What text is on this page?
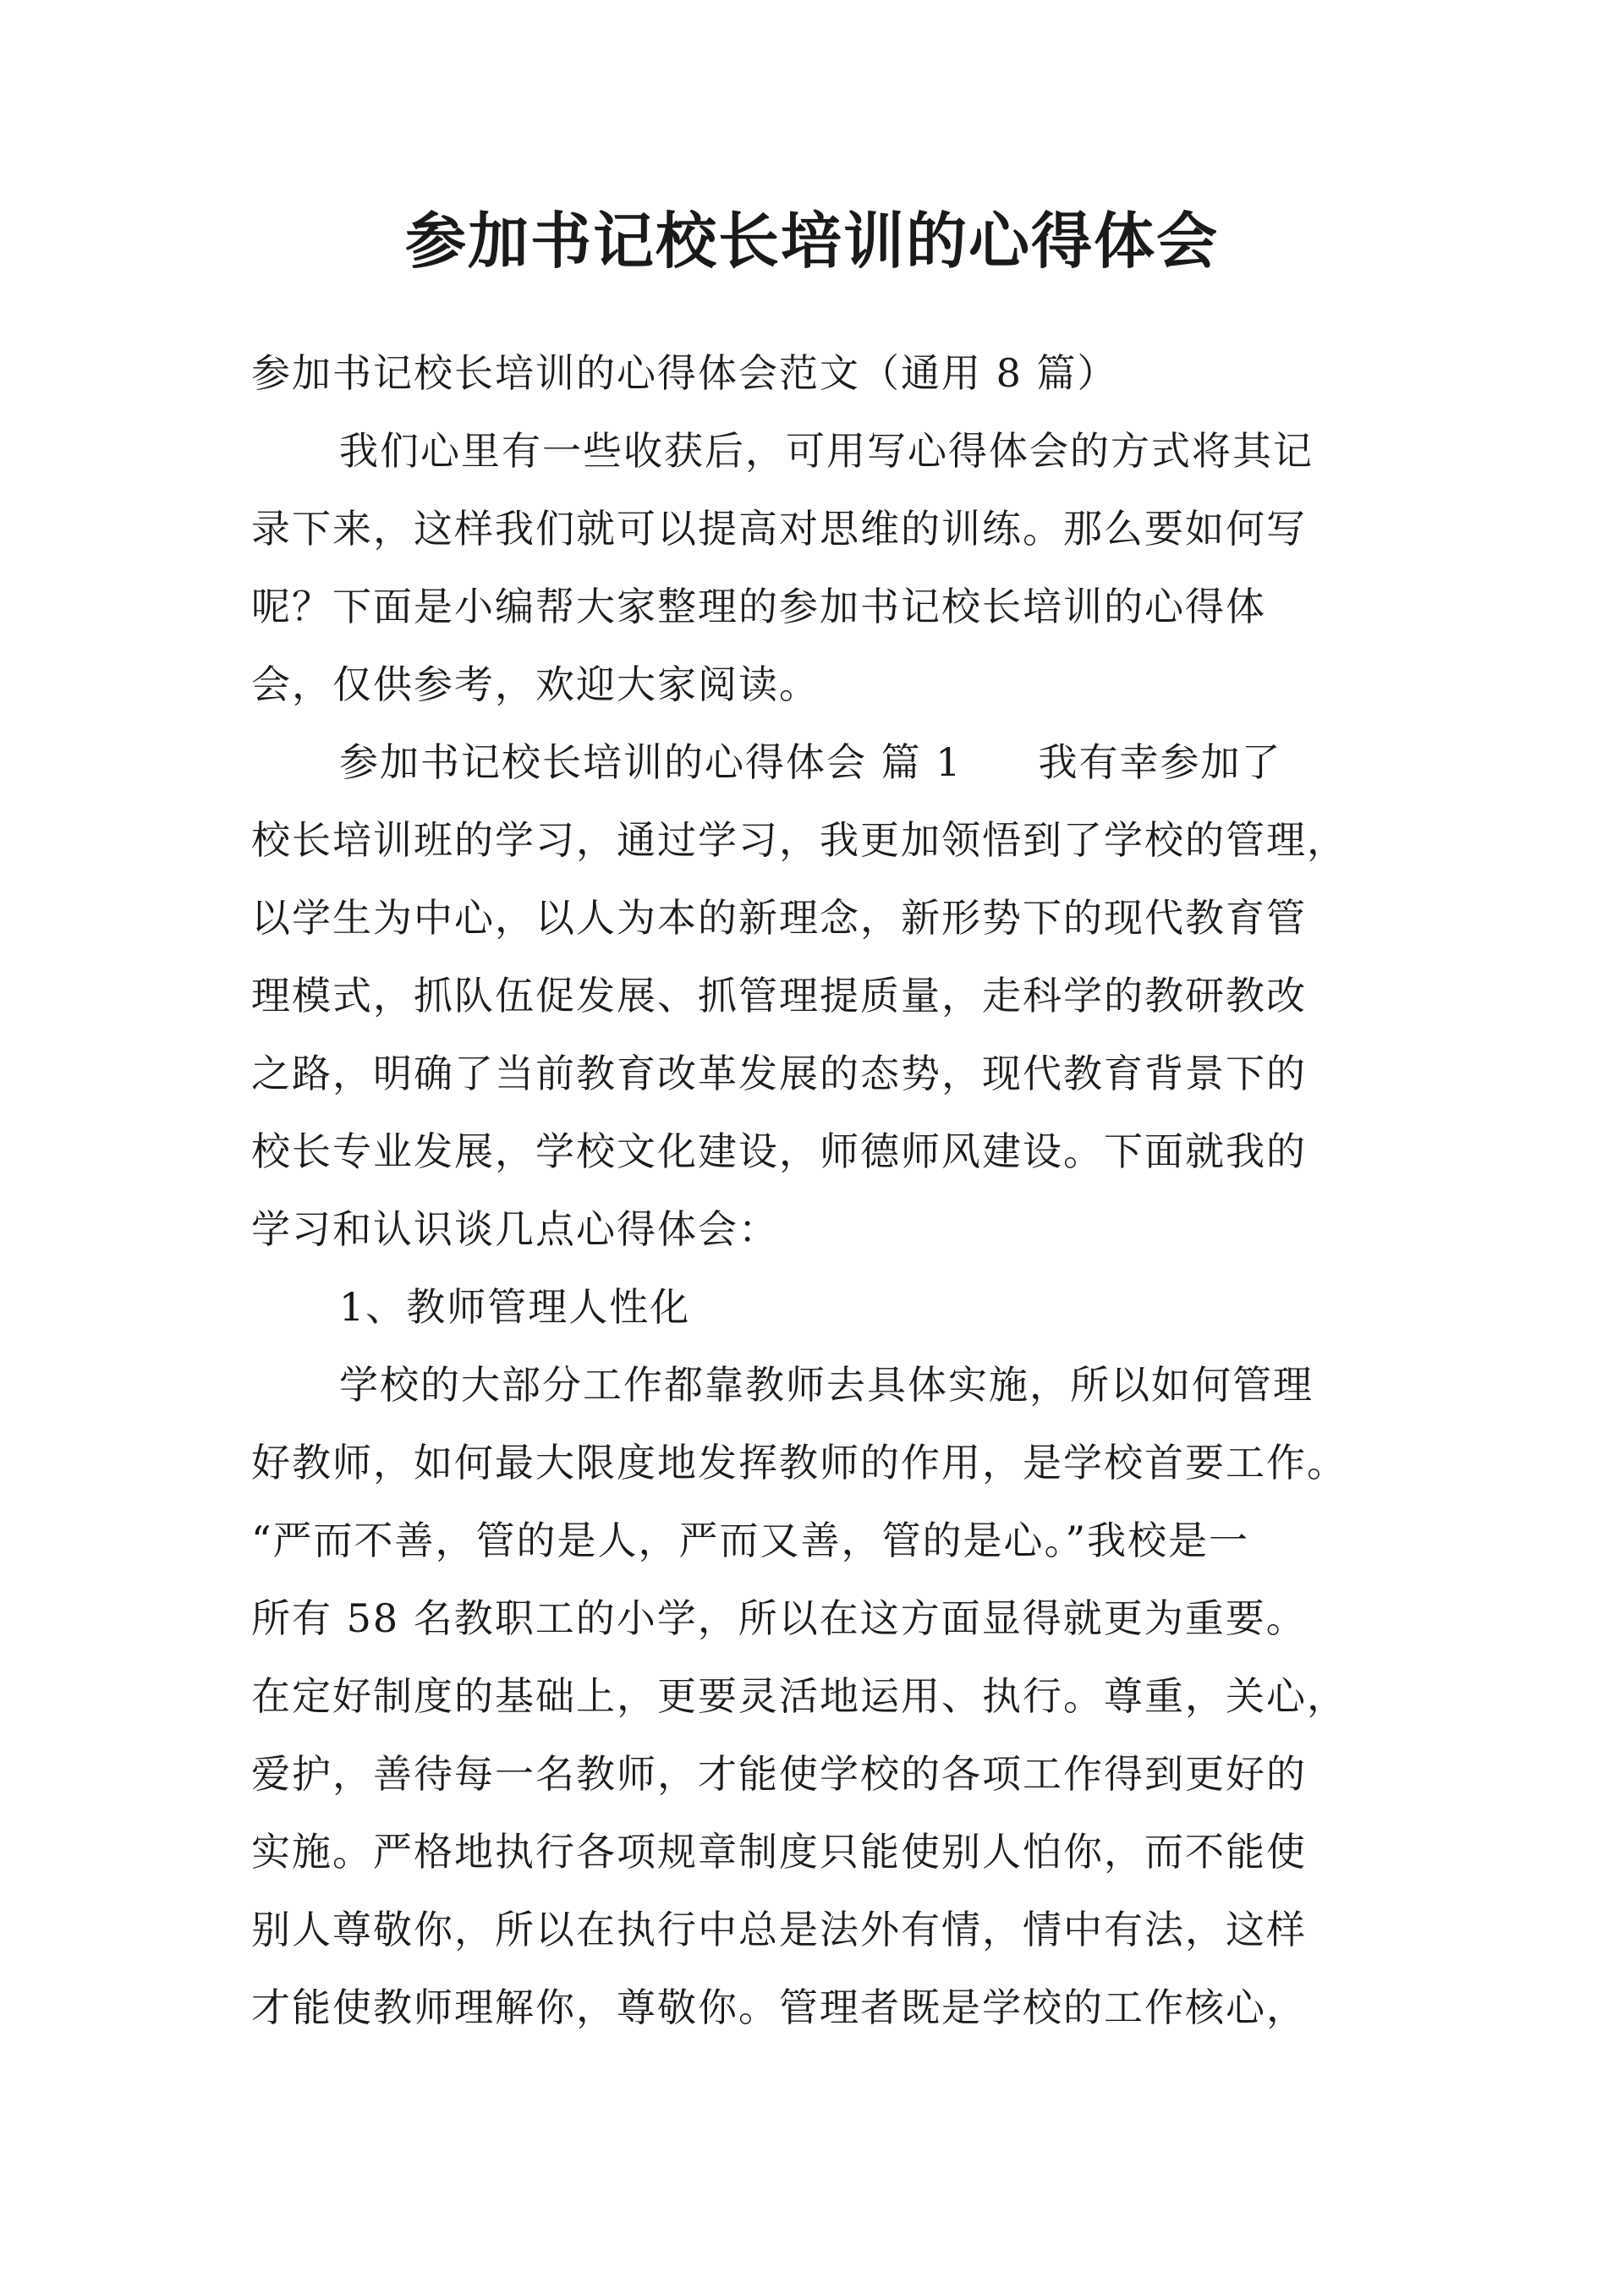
参加书记校长培训的心得体会

参加书记校长培训的心得体会范文（通用 8 篇）

我们心里有一些收获后，可用写心得体会的方式将其记

录下来，这样我们就可以提高对思维的训练。那么要如何写

呢？下面是小编帮大家整理的参加书记校长培训的心得体

会，仅供参考，欢迎大家阅读。

参加书记校长培训的心得体会 篇 1 我有幸参加了

校长培训班的学习，通过学习，我更加领悟到了学校的管理，

以学生为中心，以人为本的新理念，新形势下的现代教育管

理模式，抓队伍促发展、抓管理提质量，走科学的教研教改

之路，明确了当前教育改革发展的态势，现代教育背景下的

校长专业发展，学校文化建设，师德师风建设。下面就我的

学习和认识谈几点心得体会：

1、教师管理人性化

学校的大部分工作都靠教师去具体实施，所以如何管理

好教师，如何最大限度地发挥教师的作用，是学校首要工作。

“严而不善，管的是人，严而又善，管的是心。”我校是一

所有 58 名教职工的小学，所以在这方面显得就更为重要。

在定好制度的基础上，更要灵活地运用、执行。尊重，关心，

爱护，善待每一名教师，才能使学校的各项工作得到更好的

实施。严格地执行各项规章制度只能使别人怕你，而不能使

别人尊敬你，所以在执行中总是法外有情，情中有法，这样

才能使教师理解你，尊敬你。管理者既是学校的工作核心，
